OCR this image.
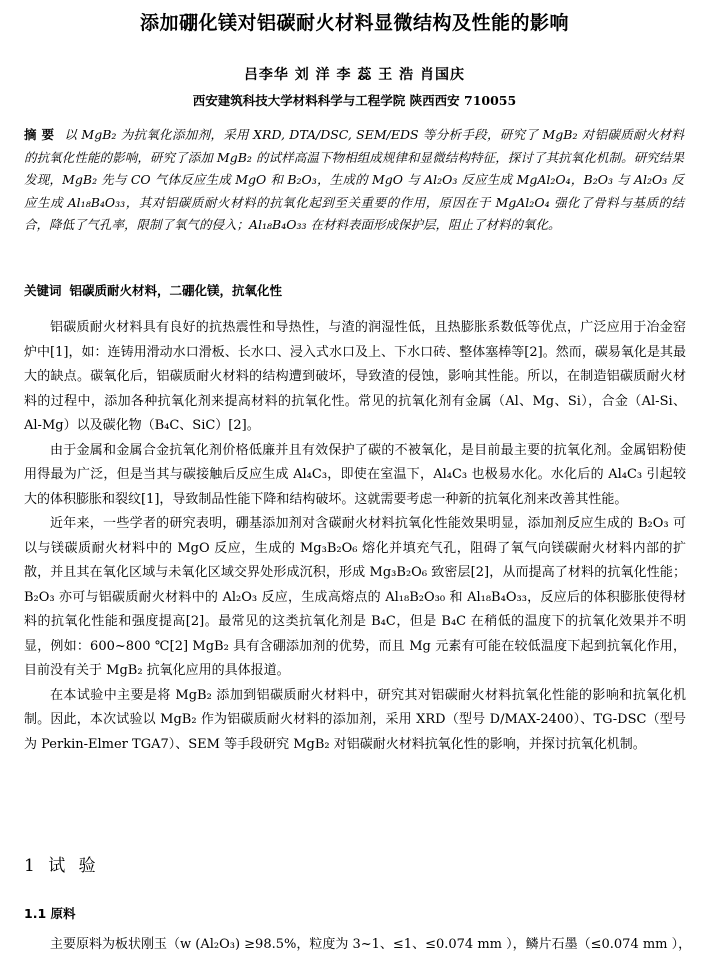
添加硼化镁对铝碳耐火材料显微结构及性能的影响
吕李华 刘 洋 李 蕊 王 浩 肖国庆
西安建筑科技大学材料科学与工程学院 陕西西安 710055
摘 要 以 MgB₂ 为抗氧化添加剂，采用 XRD, DTA/DSC, SEM/EDS 等分析手段，研究了 MgB₂ 对铝碳质耐火材料的抗氧化性能的影响，研究了添加 MgB₂ 的试样高温下物相组成规律和显微结构特征，探讨了其抗氧化机制。研究结果发现，MgB₂ 先与 CO 气体反应生成 MgO 和 B₂O₃，生成的 MgO 与 Al₂O₃ 反应生成 MgAl₂O₄，B₂O₃ 与 Al₂O₃ 反应生成 Al₁₈B₄O₃₃，其对铝碳质耐火材料的抗氧化起到至关重要的作用，原因在于 MgAl₂O₄ 强化了骨料与基质的结合，降低了气孔率，限制了氧气的侵入；Al₁₈B₄O₃₃ 在材料表面形成保护层，阻止了材料的氧化。
关键词 铝碳质耐火材料，二硼化镁，抗氧化性

铝碳质耐火材料具有良好的抗热震性和导热性，与渣的润湿性低，且热膨胀系数低等优点，广泛应用于冶金窑炉中[1]，如：连铸用滑动水口滑板、长水口、浸入式水口及上、下水口砖、整体塞棒等[2]。然而，碳易氧化是其最大的缺点。碳氧化后，铝碳质耐火材料的结构遭到破坏，导致渣的侵蚀，影响其性能。所以，在制造铝碳质耐火材料的过程中，添加各种抗氧化剂来提高材料的抗氧化性。常见的抗氧化剂有金属（Al、Mg、Si），合金（Al-Si、Al-Mg）以及碳化物（B₄C、SiC）[2]。

由于金属和金属合金抗氧化剂价格低廉并且有效保护了碳的不被氧化，是目前最主要的抗氧化剂。金属铝粉使用得最为广泛，但是当其与碳接触后反应生成 Al₄C₃，即使在室温下，Al₄C₃ 也极易水化。水化后的 Al₄C₃ 引起较大的体积膨胀和裂纹[1]，导致制品性能下降和结构破坏。这就需要考虑一种新的抗氧化剂来改善其性能。

近年来，一些学者的研究表明，硼基添加剂对含碳耐火材料抗氧化性能效果明显，添加剂反应生成的 B₂O₃ 可以与镁碳质耐火材料中的 MgO 反应，生成的 Mg₃B₂O₆ 熔化并填充气孔，阻碍了氧气向镁碳耐火材料内部的扩散，并且其在氧化区域与未氧化区域交界处形成沉积，形成 Mg₃B₂O₆ 致密层[2]，从而提高了材料的抗氧化性能；B₂O₃ 亦可与铝碳质耐火材料中的 Al₂O₃ 反应，生成高熔点的 Al₁₈B₂O₃₀ 和 Al₁₈B₄O₃₃，反应后的体积膨胀使得材料的抗氧化性能和强度提高[2]。最常见的这类抗氧化剂是 B₄C，但是 B₄C 在稍低的温度下的抗氧化效果并不明显，例如：600~800 ℃[2] MgB₂ 具有含硼添加剂的优势，而且 Mg 元素有可能在较低温度下起到抗氧化作用，目前没有关于 MgB₂ 抗氧化应用的具体报道。

在本试验中主要是将 MgB₂ 添加到铝碳质耐火材料中，研究其对铝碳耐火材料抗氧化性能的影响和抗氧化机制。因此，本次试验以 MgB₂ 作为铝碳质耐火材料的添加剂，采用 XRD（型号 D/MAX-2400）、TG-DSC（型号为 Perkin-Elmer TGA7）、SEM 等手段研究 MgB₂ 对铝碳耐火材料抗氧化性的影响，并探讨抗氧化机制。

1 试 验
1.1 原料
主要原料为板状刚玉（w (Al₂O₃) ≥98.5%，粒度为 3~1、≤1、≤0.074 mm ），鳞片石墨（≤0.074 mm ），
